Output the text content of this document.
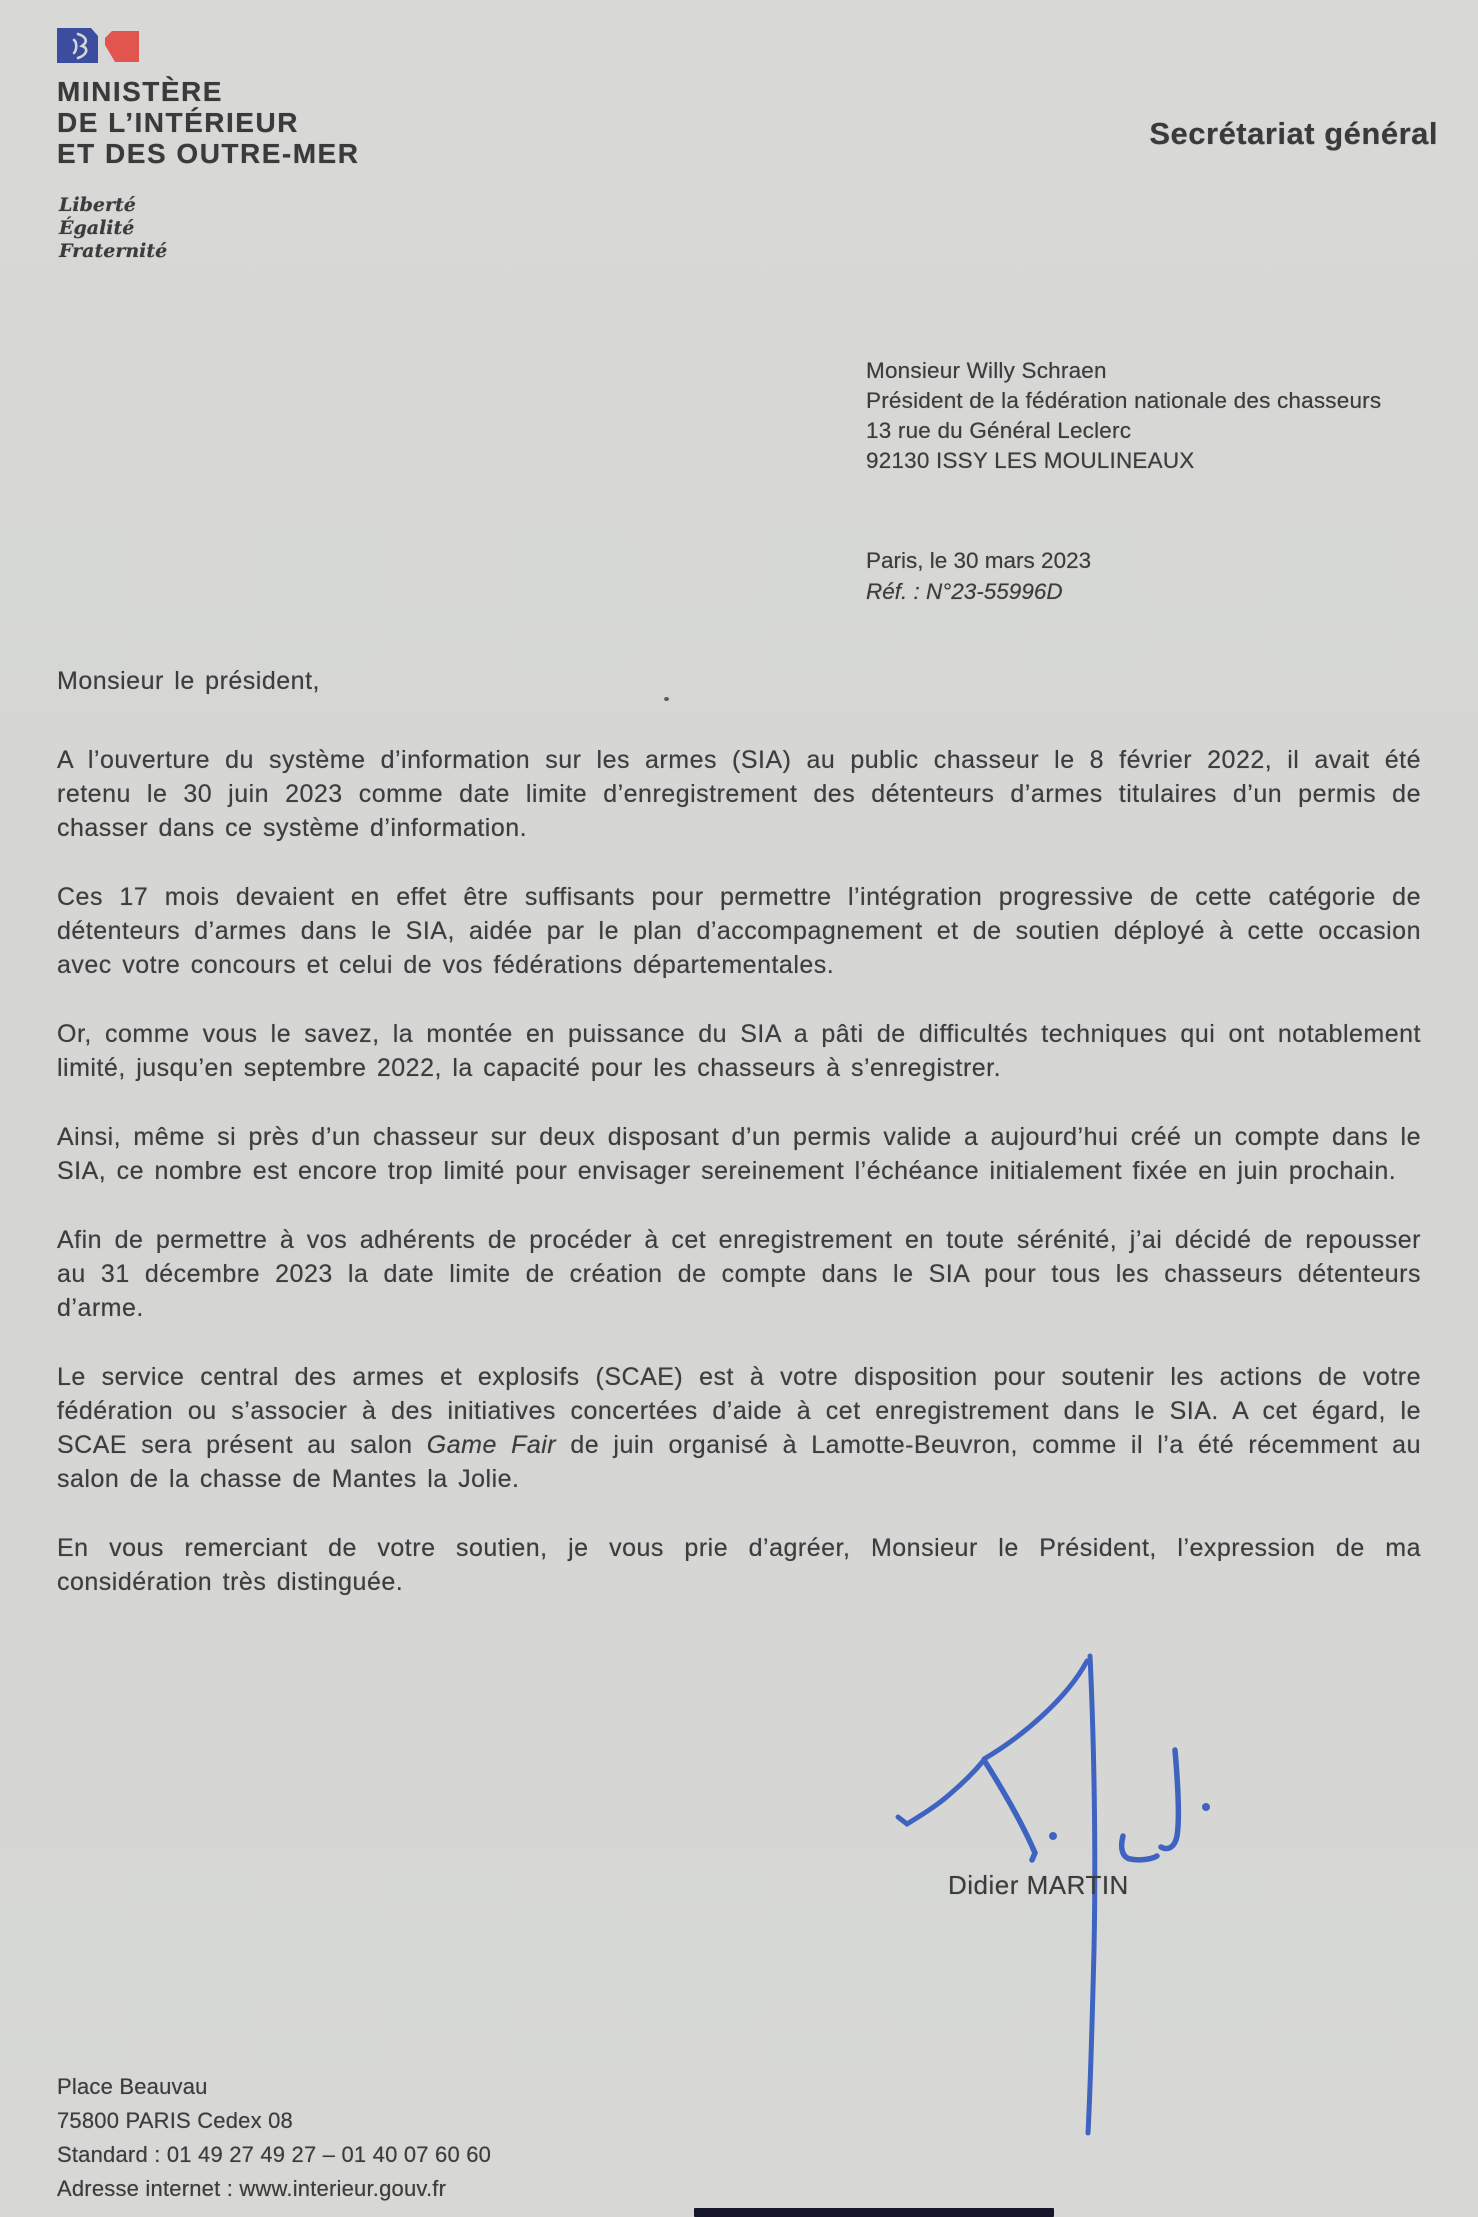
MINISTÈRE
DE L’INTÉRIEUR
ET DES OUTRE-MER
Liberté
Égalité
Fraternité
Secrétariat général
Monsieur Willy Schraen
Président de la fédération nationale des chasseurs
13 rue du Général Leclerc
92130 ISSY LES MOULINEAUX
Paris, le 30 mars 2023
Réf. : N°23-55996D
Monsieur le président,

A l’ouverture du système d’information sur les armes (SIA) au public chasseur le 8 février 2022, il avait été retenu le 30 juin 2023 comme date limite d’enregistrement des détenteurs d’armes titulaires d’un permis de chasser dans ce système d’information.

Ces 17 mois devaient en effet être suffisants pour permettre l’intégration progressive de cette catégorie de détenteurs d’armes dans le SIA, aidée par le plan d’accompagnement et de soutien déployé à cette occasion avec votre concours et celui de vos fédérations départementales.

Or, comme vous le savez, la montée en puissance du SIA a pâti de difficultés techniques qui ont notablement limité, jusqu’en septembre 2022, la capacité pour les chasseurs à s’enregistrer.

Ainsi, même si près d’un chasseur sur deux disposant d’un permis valide a aujourd’hui créé un compte dans le SIA, ce nombre est encore trop limité pour envisager sereinement l’échéance initialement fixée en juin prochain.

Afin de permettre à vos adhérents de procéder à cet enregistrement en toute sérénité, j’ai décidé de repousser au 31 décembre 2023 la date limite de création de compte dans le SIA pour tous les chasseurs détenteurs d’arme.

Le service central des armes et explosifs (SCAE) est à votre disposition pour soutenir les actions de votre fédération ou s’associer à des initiatives concertées d’aide à cet enregistrement dans le SIA. A cet égard, le SCAE sera présent au salon Game Fair de juin organisé à Lamotte-Beuvron, comme il l’a été récemment au salon de la chasse de Mantes la Jolie.

En vous remerciant de votre soutien, je vous prie d’agréer, Monsieur le Président, l’expression de ma considération très distinguée.

Didier MARTIN
Place Beauvau
75800 PARIS Cedex 08
Standard : 01 49 27 49 27 – 01 40 07 60 60
Adresse internet : www.interieur.gouv.fr
